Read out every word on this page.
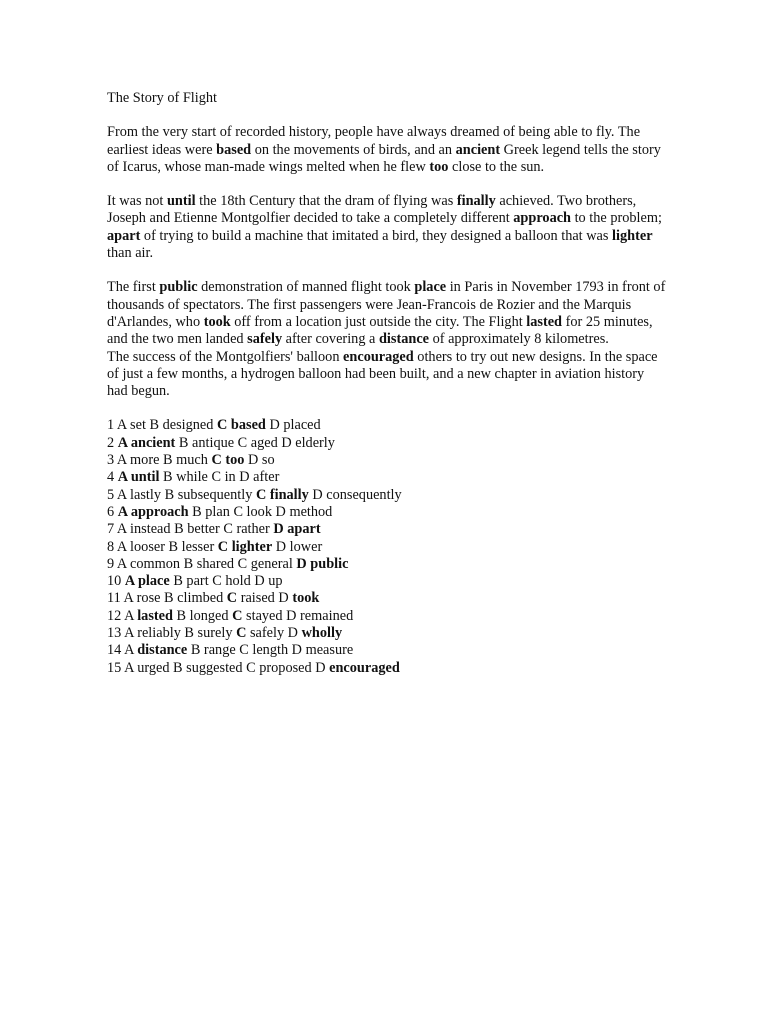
The Story of Flight

From the very start of recorded history, people have always dreamed of being able to fly. The earliest ideas were based on the movements of birds, and an ancient Greek legend tells the story of Icarus, whose man-made wings melted when he flew too close to the sun.

It was not until the 18th Century that the dram of flying was finally achieved. Two brothers, Joseph and Etienne Montgolfier decided to take a completely different approach to the problem; apart of trying to build a machine that imitated a bird, they designed a balloon that was lighter than air.

The first public demonstration of manned flight took place in Paris in November 1793 in front of thousands of spectators. The first passengers were Jean-Francois de Rozier and the Marquis d'Arlandes, who took off from a location just outside the city. The Flight lasted for 25 minutes, and the two men landed safely after covering a distance of approximately 8 kilometres.

The success of the Montgolfiers' balloon encouraged others to try out new designs. In the space of just a few months, a hydrogen balloon had been built, and a new chapter in aviation history had begun.

1 A set B designed C based D placed
2 A ancient B antique C aged D elderly
3 A more B much C too D so
4 A until B while C in D after
5 A lastly B subsequently C finally D consequently
6 A approach B plan C look D method
7 A instead B better C rather D apart
8 A looser B lesser C lighter D lower
9 A common B shared C general D public
10 A place B part C hold D up
11 A rose B climbed C raised D took
12 A lasted B longed C stayed D remained
13 A reliably B surely C safely D wholly
14 A distance B range C length D measure
15 A urged B suggested C proposed D encouraged
